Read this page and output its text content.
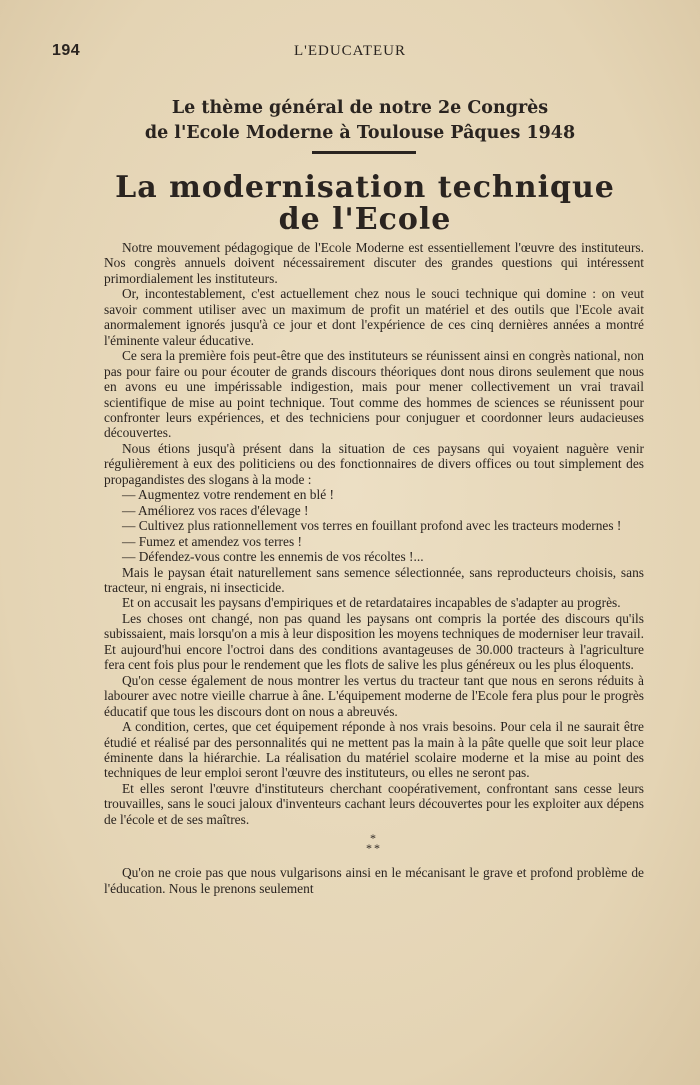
194	L'EDUCATEUR
Le thème général de notre 2e Congrès
de l'Ecole Moderne à Toulouse Pâques 1948
La modernisation technique
de l'Ecole

Notre mouvement pédagogique de l'Ecole Moderne est essentiellement l'œuvre des instituteurs. Nos congrès annuels doivent nécessairement discuter des grandes questions qui intéressent primordialement les instituteurs.

Or, incontestablement, c'est actuellement chez nous le souci technique qui domine : on veut savoir comment utiliser avec un maximum de profit un matériel et des outils que l'Ecole avait anormalement ignorés jusqu'à ce jour et dont l'expérience de ces cinq dernières années a montré l'éminente valeur éducative.

Ce sera la première fois peut-être que des instituteurs se réunissent ainsi en congrès national, non pas pour faire ou pour écouter de grands discours théoriques dont nous dirons seulement que nous en avons eu une impérissable indigestion, mais pour mener collectivement un vrai travail scientifique de mise au point technique. Tout comme des hommes de sciences se réunissent pour confronter leurs expériences, et des techniciens pour conjuguer et coordonner leurs audacieuses découvertes.

Nous étions jusqu'à présent dans la situation de ces paysans qui voyaient naguère venir régulièrement à eux des politiciens ou des fonctionnaires de divers offices ou tout simplement des propagandistes des slogans à la mode :

— Augmentez votre rendement en blé !
— Améliorez vos races d'élevage !
— Cultivez plus rationnellement vos terres en fouillant profond avec les tracteurs modernes !
— Fumez et amendez vos terres !
— Défendez-vous contre les ennemis de vos récoltes !...

Mais le paysan était naturellement sans semence sélectionnée, sans reproducteurs choisis, sans tracteur, ni engrais, ni insecticide.

Et on accusait les paysans d'empiriques et de retardataires incapables de s'adapter au progrès.

Les choses ont changé, non pas quand les paysans ont compris la portée des discours qu'ils subissaient, mais lorsqu'on a mis à leur disposition les moyens techniques de moderniser leur travail. Et aujourd'hui encore l'octroi dans des conditions avantageuses de 30.000 tracteurs à l'agriculture fera cent fois plus pour le rendement que les flots de salive les plus généreux ou les plus éloquents.

Qu'on cesse également de nous montrer les vertus du tracteur tant que nous en serons réduits à labourer avec notre vieille charrue à âne. L'équipement moderne de l'Ecole fera plus pour le progrès éducatif que tous les discours dont on nous a abreuvés.

A condition, certes, que cet équipement réponde à nos vrais besoins. Pour cela il ne saurait être étudié et réalisé par des personnalités qui ne mettent pas la main à la pâte quelle que soit leur place éminente dans la hiérarchie. La réalisation du matériel scolaire moderne et la mise au point des techniques de leur emploi seront l'œuvre des instituteurs, ou elles ne seront pas.

Et elles seront l'œuvre d'instituteurs cherchant coopérativement, confrontant sans cesse leurs trouvailles, sans le souci jaloux d'inventeurs cachant leurs découvertes pour les exploiter aux dépens de l'école et de ses maîtres.

*
**

Qu'on ne croie pas que nous vulgarisons ainsi en le mécanisant le grave et profond problème de l'éducation. Nous le prenons seulement
